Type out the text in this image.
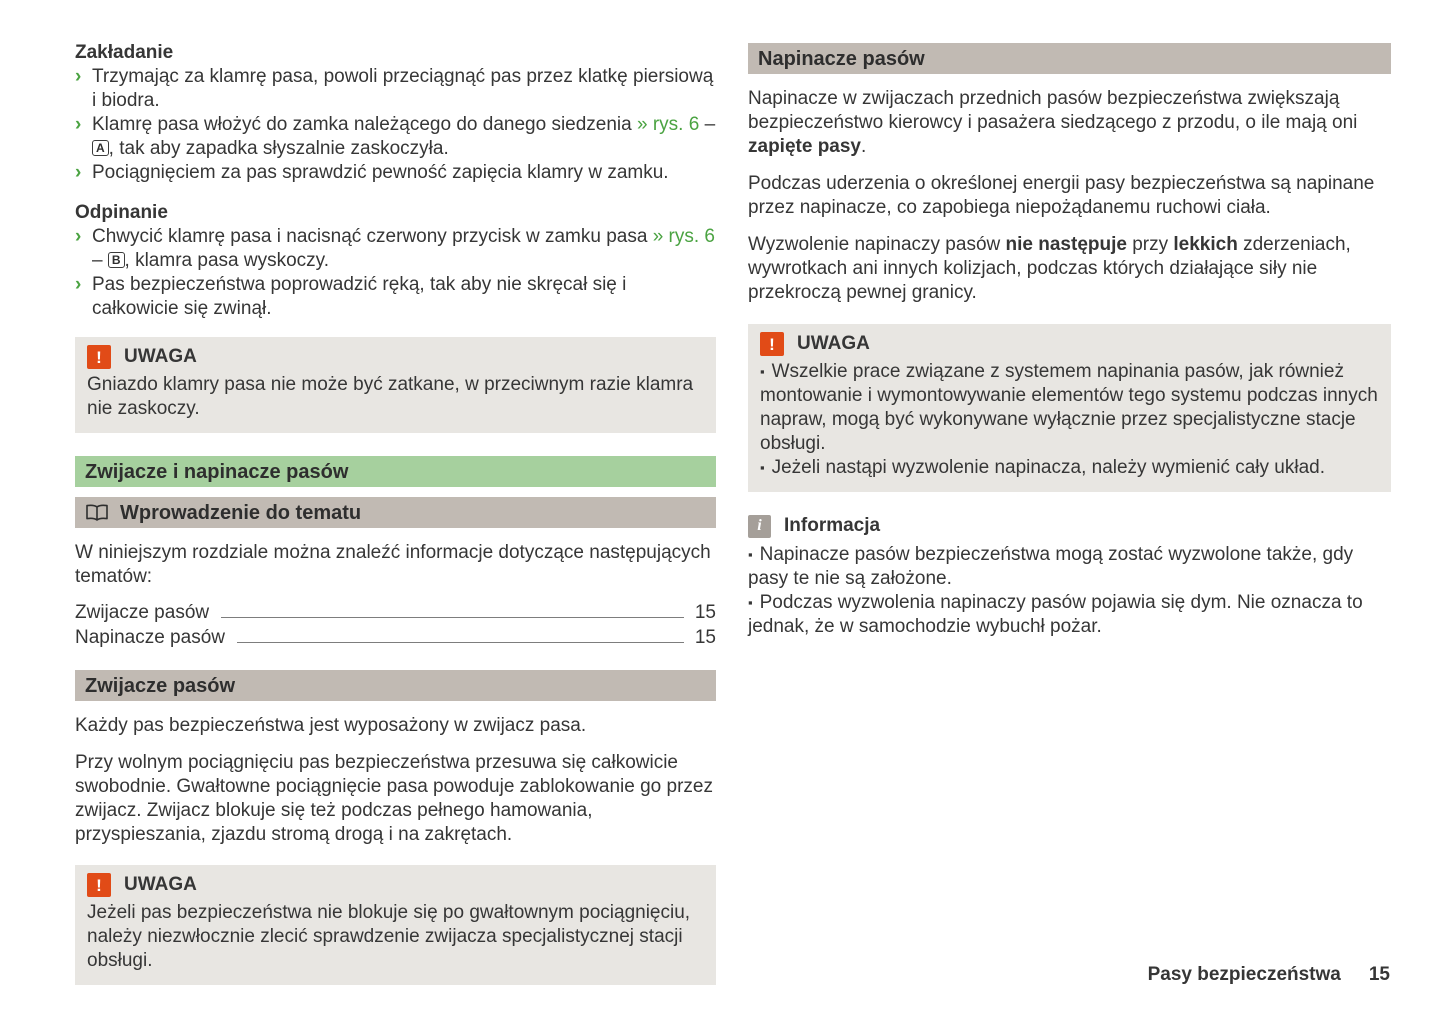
Zakładanie
› Trzymając za klamrę pasa, powoli przeciągnąć pas przez klatkę piersiową i biodra.
› Klamrę pasa włożyć do zamka należącego do danego siedzenia » rys. 6 – A , tak aby zapadka słyszalnie zaskoczyła.
› Pociągnięciem za pas sprawdzić pewność zapięcia klamry w zamku.
Odpinanie
› Chwycić klamrę pasa i nacisnąć czerwony przycisk w zamku pasa » rys. 6 – B , klamra pasa wyskoczy.
› Pas bezpieczeństwa poprowadzić ręką, tak aby nie skręcał się i całkowicie się zwinął.
!	UWAGA

Gniazdo klamry pasa nie może być zatkane, w przeciwnym razie klamra nie zaskoczy.

Zwijacze i napinacze pasów
Wprowadzenie do tematu

W niniejszym rozdziale można znaleźć informacje dotyczące następujących tematów:

Zwijacze pasów	15
Napinacze pasów	15
Zwijacze pasów

Każdy pas bezpieczeństwa jest wyposażony w zwijacz pasa.

Przy wolnym pociągnięciu pas bezpieczeństwa przesuwa się całkowicie swobodnie. Gwałtowne pociągnięcie pasa powoduje zablokowanie go przez zwijacz. Zwijacz blokuje się też podczas pełnego hamowania, przyspieszania, zjazdu stromą drogą i na zakrętach.

!	UWAGA

Jeżeli pas bezpieczeństwa nie blokuje się po gwałtownym pociągnięciu, należy niezwłocznie zlecić sprawdzenie zwijacza specjalistycznej stacji obsługi.

Napinacze pasów

Napinacze w zwijaczach przednich pasów bezpieczeństwa zwiększają bezpieczeństwo kierowcy i pasażera siedzącego z przodu, o ile mają oni zapięte pasy.

Podczas uderzenia o określonej energii pasy bezpieczeństwa są napinane przez napinacze, co zapobiega niepożądanemu ruchowi ciała.

Wyzwolenie napinaczy pasów nie następuje przy lekkich zderzeniach, wywrotkach ani innych kolizjach, podczas których działające siły nie przekroczą pewnej granicy.

!	UWAGA
▪ Wszelkie prace związane z systemem napinania pasów, jak również montowanie i wymontowywanie elementów tego systemu podczas innych napraw, mogą być wykonywane wyłącznie przez specjalistyczne stacje obsługi.
▪ Jeżeli nastąpi wyzwolenie napinacza, należy wymienić cały układ.
i	Informacja
▪ Napinacze pasów bezpieczeństwa mogą zostać wyzwolone także, gdy pasy te nie są założone.
▪ Podczas wyzwolenia napinaczy pasów pojawia się dym. Nie oznacza to jednak, że w samochodzie wybuchł pożar.
Pasy bezpieczeństwa 15
